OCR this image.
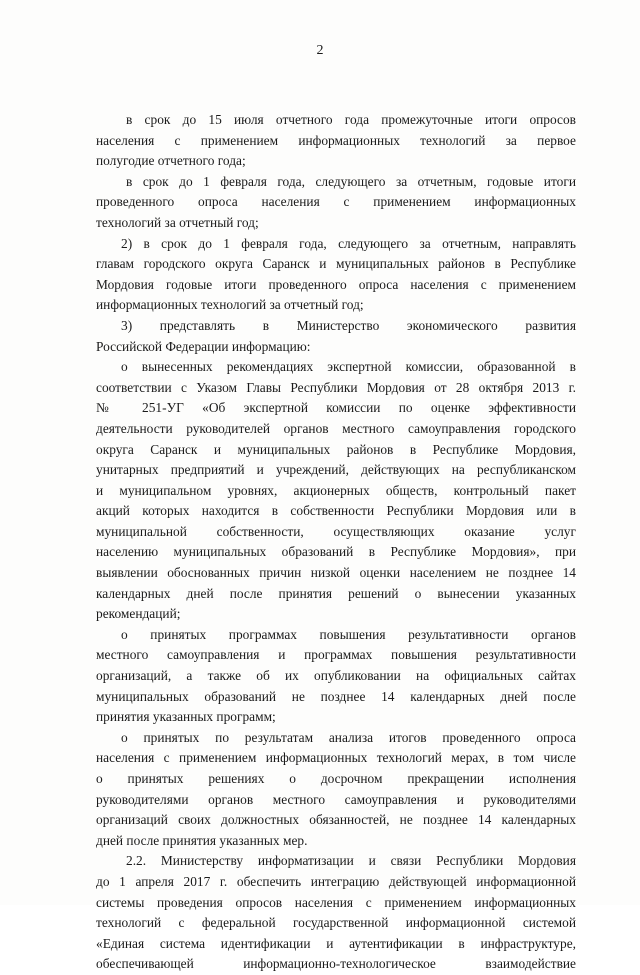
2
в срок до 15 июля отчетного года промежуточные итоги опросов
населения с применением информационных технологий за первое
полугодие отчетного года;
в срок до 1 февраля года, следующего за отчетным, годовые итоги
проведенного опроса населения с применением информационных
технологий за отчетный год;
2) в срок до 1 февраля года, следующего за отчетным, направлять
главам городского округа Саранск и муниципальных районов в Республике
Мордовия годовые итоги проведенного опроса населения с применением
информационных технологий за отчетный год;
3) представлять в Министерство экономического развития
Российской Федерации информацию:
о вынесенных рекомендациях экспертной комиссии, образованной в
соответствии с Указом Главы Республики Мордовия от 28 октября 2013 г.
№ 251-УГ «Об экспертной комиссии по оценке эффективности
деятельности руководителей органов местного самоуправления городского
округа Саранск и муниципальных районов в Республике Мордовия,
унитарных предприятий и учреждений, действующих на республиканском
и муниципальном уровнях, акционерных обществ, контрольный пакет
акций которых находится в собственности Республики Мордовия или в
муниципальной собственности, осуществляющих оказание услуг
населению муниципальных образований в Республике Мордовия», при
выявлении обоснованных причин низкой оценки населением не позднее 14
календарных дней после принятия решений о вынесении указанных
рекомендаций;
о принятых программах повышения результативности органов
местного самоуправления и программах повышения результативности
организаций, а также об их опубликовании на официальных сайтах
муниципальных образований не позднее 14 календарных дней после
принятия указанных программ;
о принятых по результатам анализа итогов проведенного опроса
населения с применением информационных технологий мерах, в том числе
о принятых решениях о досрочном прекращении исполнения
руководителями органов местного самоуправления и руководителями
организаций своих должностных обязанностей, не позднее 14 календарных
дней после принятия указанных мер.
2.2. Министерству информатизации и связи Республики Мордовия
до 1 апреля 2017 г. обеспечить интеграцию действующей информационной
системы проведения опросов населения с применением информационных
технологий с федеральной государственной информационной системой
«Единая система идентификации и аутентификации в инфраструктуре,
обеспечивающей информационно-технологическое взаимодействие
